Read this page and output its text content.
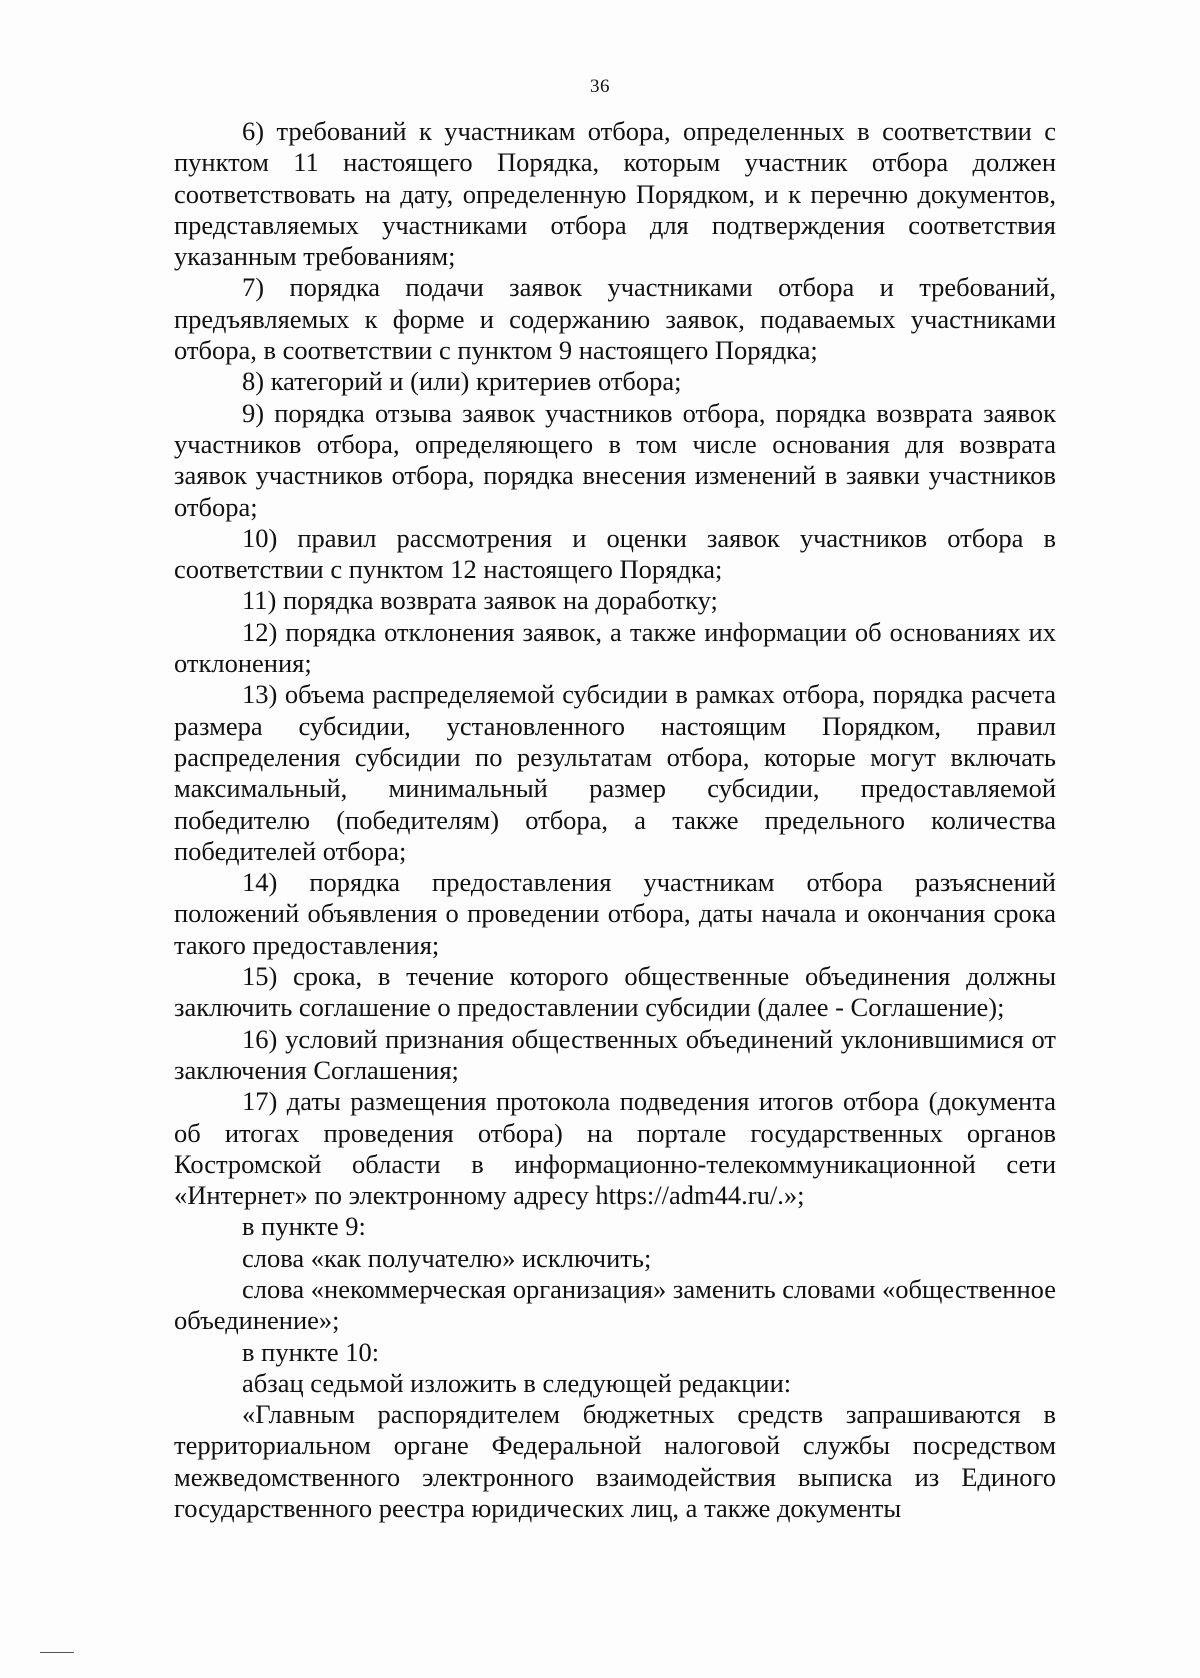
36

6) требований к участникам отбора, определенных в соответствии с пунктом 11 настоящего Порядка, которым участник отбора должен соответствовать на дату, определенную Порядком, и к перечню документов, представляемых участниками отбора для подтверждения соответствия указанным требованиям;

7) порядка подачи заявок участниками отбора и требований, предъявляемых к форме и содержанию заявок, подаваемых участниками отбора, в соответствии с пунктом 9 настоящего Порядка;

8) категорий и (или) критериев отбора;

9) порядка отзыва заявок участников отбора, порядка возврата заявок участников отбора, определяющего в том числе основания для возврата заявок участников отбора, порядка внесения изменений в заявки участников отбора;

10) правил рассмотрения и оценки заявок участников отбора в соответствии с пунктом 12 настоящего Порядка;

11) порядка возврата заявок на доработку;

12) порядка отклонения заявок, а также информации об основаниях их отклонения;

13) объема распределяемой субсидии в рамках отбора, порядка расчета размера субсидии, установленного настоящим Порядком, правил распределения субсидии по результатам отбора, которые могут включать максимальный, минимальный размер субсидии, предоставляемой победителю (победителям) отбора, а также предельного количества победителей отбора;

14) порядка предоставления участникам отбора разъяснений положений объявления о проведении отбора, даты начала и окончания срока такого предоставления;

15) срока, в течение которого общественные объединения должны заключить соглашение о предоставлении субсидии (далее - Соглашение);

16) условий признания общественных объединений уклонившимися от заключения Соглашения;

17) даты размещения протокола подведения итогов отбора (документа об итогах проведения отбора) на портале государственных органов Костромской области в информационно-телекоммуникационной сети «Интернет» по электронному адресу https://adm44.ru/.»;

в пункте 9:

слова «как получателю» исключить;

слова «некоммерческая организация» заменить словами «общественное объединение»;

в пункте 10:

абзац седьмой изложить в следующей редакции:

«Главным распорядителем бюджетных средств запрашиваются в территориальном органе Федеральной налоговой службы посредством межведомственного электронного взаимодействия выписка из Единого государственного реестра юридических лиц, а также документы
